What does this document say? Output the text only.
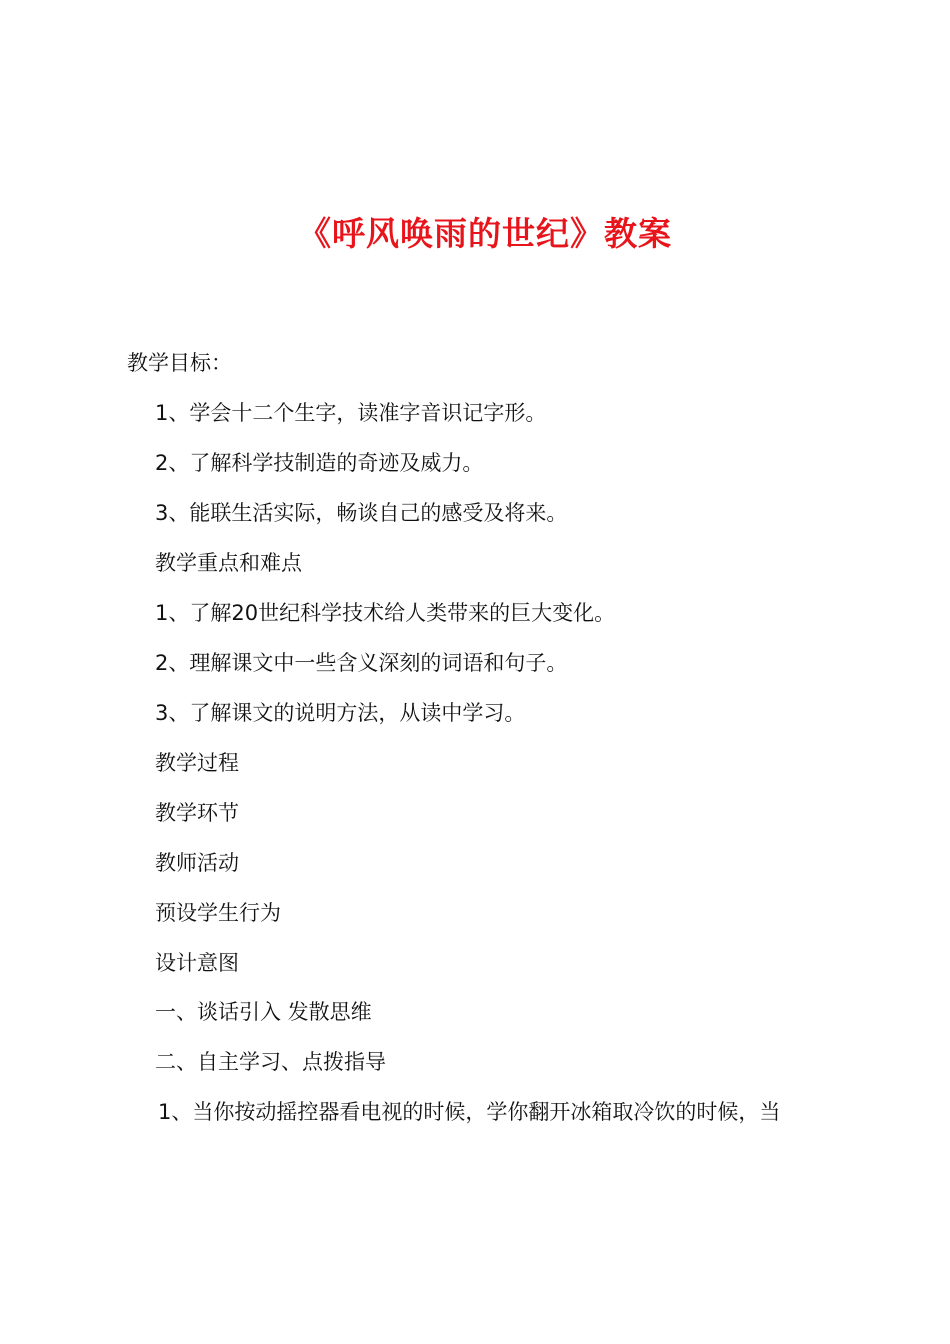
《呼风唤雨的世纪》教案
教学目标：
1、学会十二个生字，读准字音识记字形。
2、了解科学技制造的奇迹及威力。
3、能联生活实际，畅谈自己的感受及将来。
教学重点和难点
1、了解20世纪科学技术给人类带来的巨大变化。
2、理解课文中一些含义深刻的词语和句子。
3、了解课文的说明方法，从读中学习。
教学过程
教学环节
教师活动
预设学生行为
设计意图
一、谈话引入 发散思维
二、自主学习、点拨指导
1、当你按动摇控器看电视的时候，学你翻开冰箱取冷饮的时候，当
